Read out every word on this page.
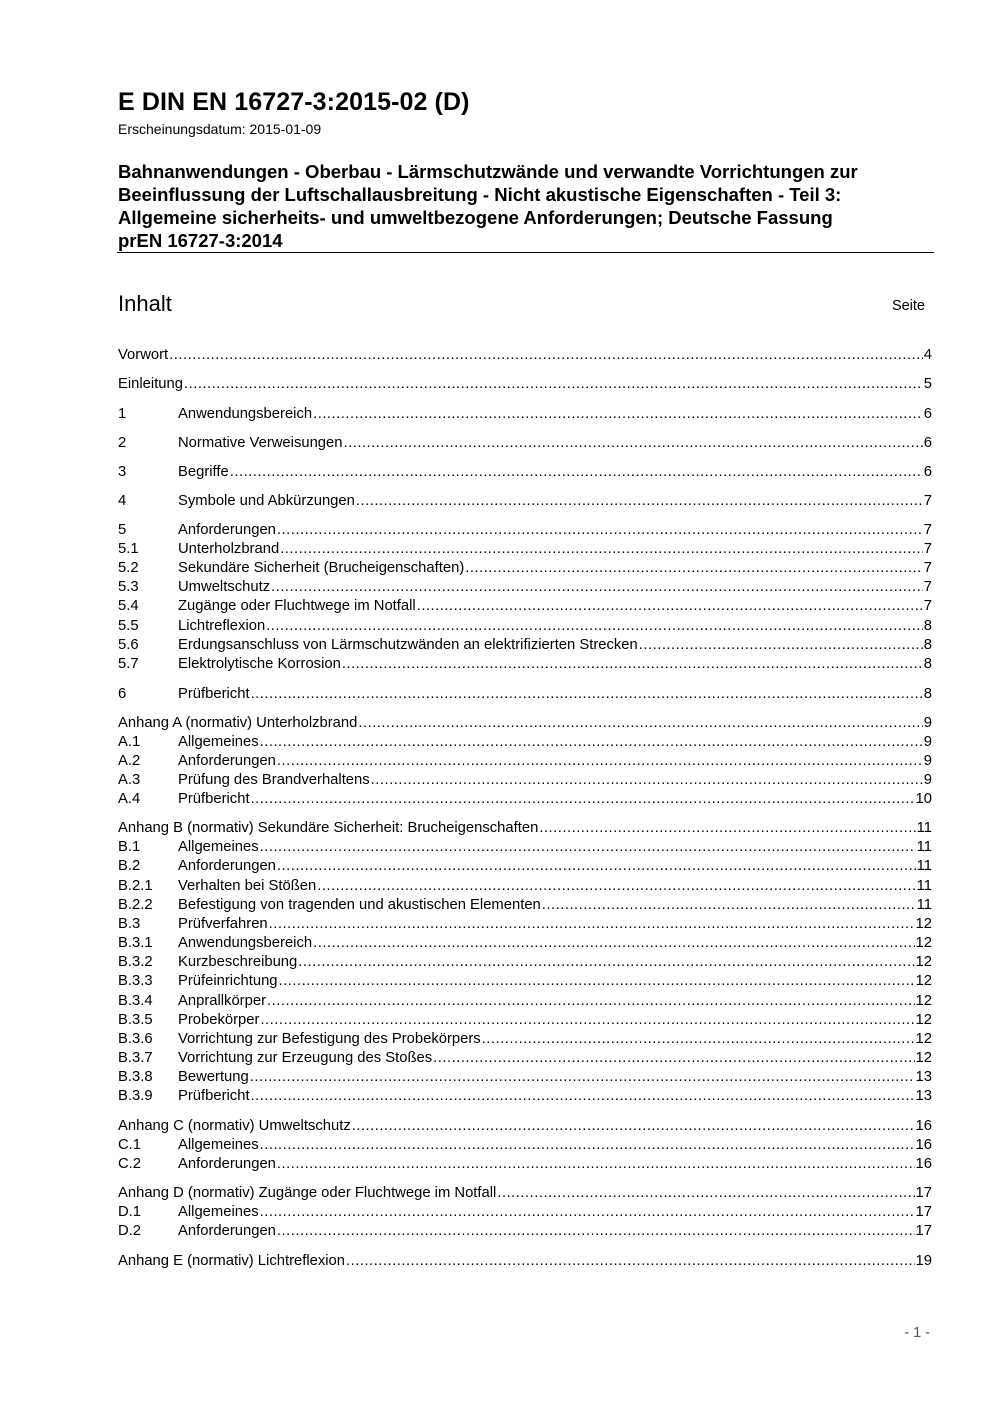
E DIN EN 16727-3:2015-02 (D)
Erscheinungsdatum: 2015-01-09
Bahnanwendungen - Oberbau - Lärmschutzwände und verwandte Vorrichtungen zur
Beeinflussung der Luftschallausbreitung - Nicht akustische Eigenschaften - Teil 3:
Allgemeine sicherheits- und umweltbezogene Anforderungen; Deutsche Fassung
prEN 16727-3:2014
Inhalt	Seite
Vorwort .....	4
Einleitung .....	5
1	Anwendungsbereich .....	6
2	Normative Verweisungen .....	6
3	Begriffe .....	6
4	Symbole und Abkürzungen .....	7
5	Anforderungen .....	7
5.1	Unterholzbrand .....	7
5.2	Sekundäre Sicherheit (Brucheigenschaften) .....	7
5.3	Umweltschutz .....	7
5.4	Zugänge oder Fluchtwege im Notfall .....	7
5.5	Lichtreflexion .....	8
5.6	Erdungsanschluss von Lärmschutzwänden an elektrifizierten Strecken .....	8
5.7	Elektrolytische Korrosion .....	8
6	Prüfbericht .....	8
Anhang A (normativ) Unterholzbrand .....	9
A.1	Allgemeines .....	9
A.2	Anforderungen .....	9
A.3	Prüfung des Brandverhaltens .....	9
A.4	Prüfbericht .....	10
Anhang B (normativ) Sekundäre Sicherheit: Brucheigenschaften .....	11
B.1	Allgemeines .....	11
B.2	Anforderungen .....	11
B.2.1	Verhalten bei Stößen .....	11
B.2.2	Befestigung von tragenden und akustischen Elementen .....	11
B.3	Prüfverfahren .....	12
B.3.1	Anwendungsbereich .....	12
B.3.2	Kurzbeschreibung .....	12
B.3.3	Prüfeinrichtung .....	12
B.3.4	Anprallkörper .....	12
B.3.5	Probekörper .....	12
B.3.6	Vorrichtung zur Befestigung des Probekörpers .....	12
B.3.7	Vorrichtung zur Erzeugung des Stoßes .....	12
B.3.8	Bewertung .....	13
B.3.9	Prüfbericht .....	13
Anhang C (normativ) Umweltschutz .....	16
C.1	Allgemeines .....	16
C.2	Anforderungen .....	16
Anhang D (normativ) Zugänge oder Fluchtwege im Notfall .....	17
D.1	Allgemeines .....	17
D.2	Anforderungen .....	17
Anhang E (normativ) Lichtreflexion .....	19
- 1 -
